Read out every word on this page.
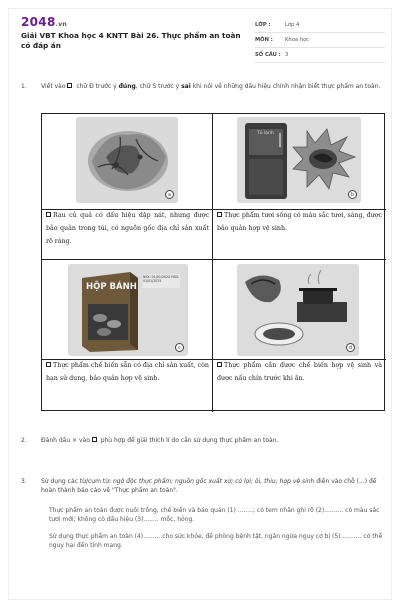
2048.vn
Giải VBT Khoa học 4 KNTT Bài 26. Thực phẩm an toàn có đáp án
LỚP :	Lớp 4
MÔN :	Khoa học
SỐ CÂU : 3
1. Viết vào  chữ Đ trước ý đúng, chữ S trước ý sai khi nói về những dấu hiệu chính nhận biết thực phẩm an toàn.
a
Tủ lạnh
b
Rau củ quả có dấu hiệu dập nát, nhưng được bảo quản trong túi, có nguồn gốc địa chỉ sản xuất rõ ràng.
Thực phẩm tươi sống có màu sắc tươi, sáng, được bảo quản hợp vệ sinh.
HỘP BÁNH
NSX: 01/01/2024 HSD: 01/01/2025
c	d
Thực phẩm chế biến sẵn có địa chỉ sản xuất, còn hạn sử dụng, bảo quản hợp vệ sinh.
Thực phẩm cần được chế biến hợp vệ sinh và được nấu chín trước khi ăn.
2. Đánh dấu × vào  phù hợp để giải thích lí do cần sử dụng thực phẩm an toàn.
3. Sử dụng các từ/cụm từ: ngộ độc thực phẩm; nguồn gốc xuất xứ; có lợi; ôi, thiu; hợp vệ sinh điền vào chỗ (...) để hoàn thành báo cáo về "Thực phẩm an toàn".
Thực phẩm an toàn được nuôi trồng, chế biến và bảo quản (1) ........; có tem nhãn ghi rõ (2).......... có màu sắc tươi mới; không có dấu hiệu (3)........ mốc, hỏng.
Sử dụng thực phẩm an toàn (4)..........cho sức khỏe, đề phòng bệnh tật, ngăn ngừa nguy cơ bị (5)........... có thể nguy hại đến tính mạng.
